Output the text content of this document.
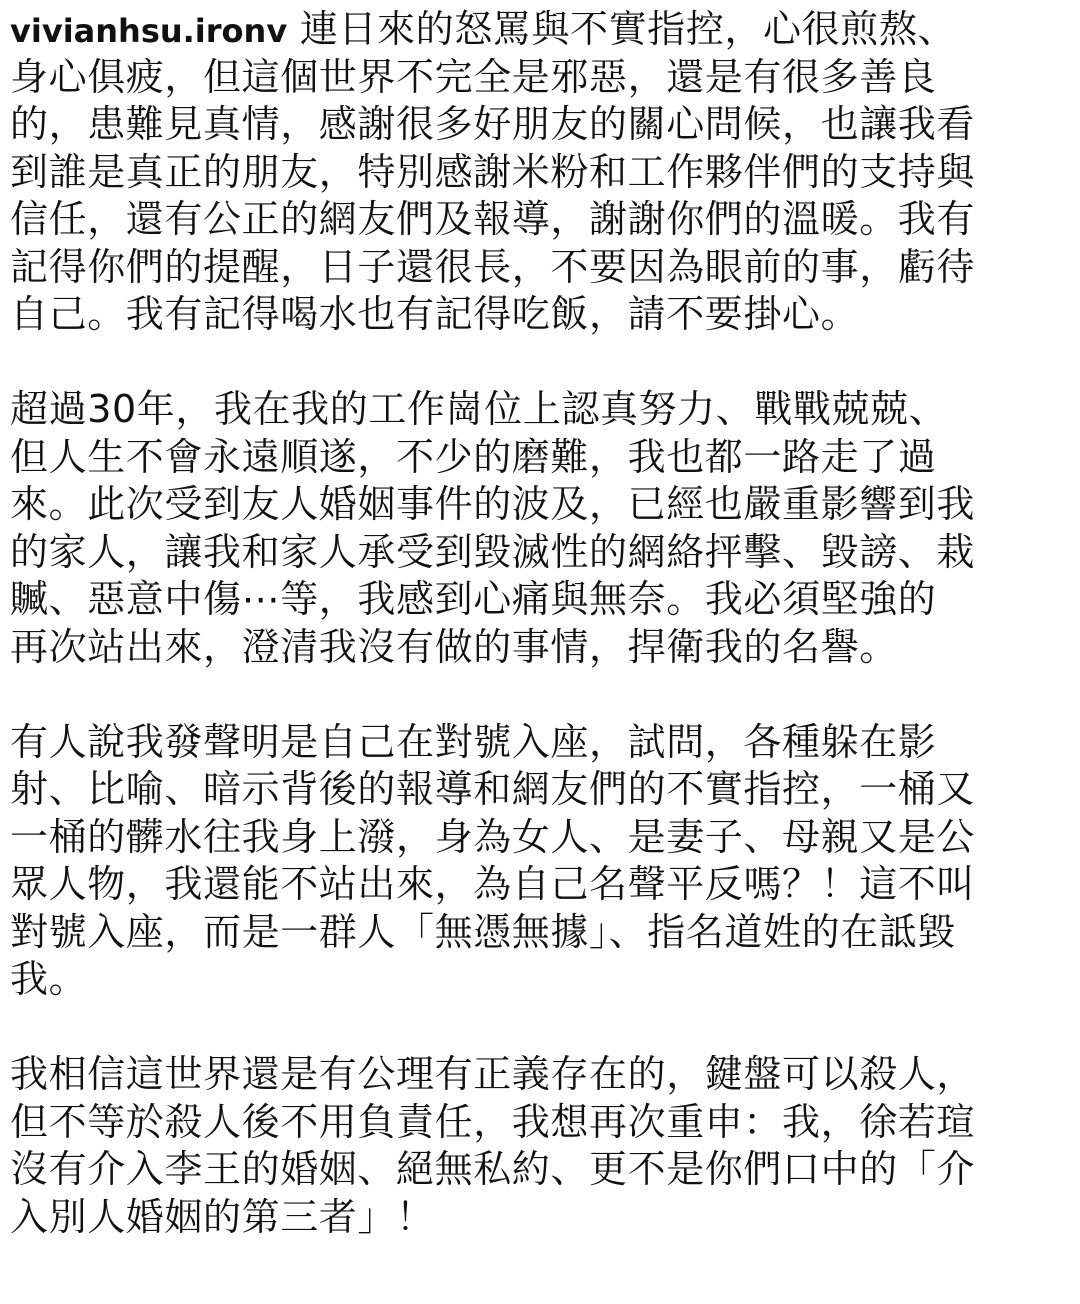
vivianhsu.ironv 連日來的怒罵與不實指控，心很煎熬、
身心俱疲，但這個世界不完全是邪惡，還是有很多善良
的，患難見真情，感謝很多好朋友的關心問候，也讓我看
到誰是真正的朋友，特別感謝米粉和工作夥伴們的支持與
信任，還有公正的網友們及報導，謝謝你們的溫暖。我有
記得你們的提醒，日子還很長，不要因為眼前的事，虧待
自己。我有記得喝水也有記得吃飯，請不要掛心。
超過30年，我在我的工作崗位上認真努力、戰戰兢兢、
但人生不會永遠順遂，不少的磨難，我也都一路走了過
來。此次受到友人婚姻事件的波及，已經也嚴重影響到我
的家人，讓我和家人承受到毀滅性的網絡抨擊、毀謗、栽
贓、惡意中傷⋯等，我感到心痛與無奈。我必須堅強的
再次站出來，澄清我沒有做的事情，捍衛我的名譽。
有人說我發聲明是自己在對號入座，試問，各種躲在影
射、比喻、暗示背後的報導和網友們的不實指控，一桶又
一桶的髒水往我身上潑，身為女人、是妻子、母親又是公
眾人物，我還能不站出來，為自己名聲平反嗎？！這不叫
對號入座，而是一群人「無憑無據」、指名道姓的在詆毀
我。
我相信這世界還是有公理有正義存在的，鍵盤可以殺人，
但不等於殺人後不用負責任，我想再次重申：我，徐若瑄
沒有介入李王的婚姻、絕無私約、更不是你們口中的「介
入別人婚姻的第三者」！
